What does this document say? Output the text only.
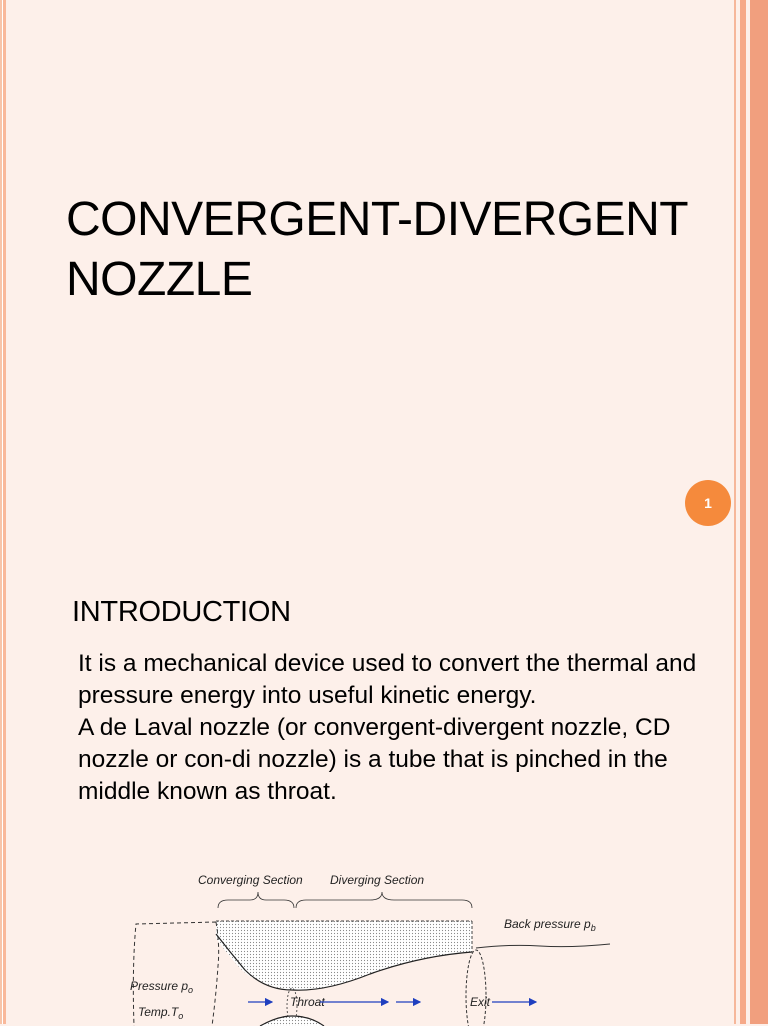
CONVERGENT-DIVERGENT NOZZLE
1
INTRODUCTION

It is a mechanical device used to convert the thermal and pressure energy into useful kinetic energy.

A de Laval nozzle (or convergent-divergent nozzle, CD nozzle or con-di nozzle) is a tube that is pinched in the middle known as throat.

Converging Section Diverging Section
Back pressure $p_b$
Pressure $p_o$
$Temp.T_o$
Throat	Exit
